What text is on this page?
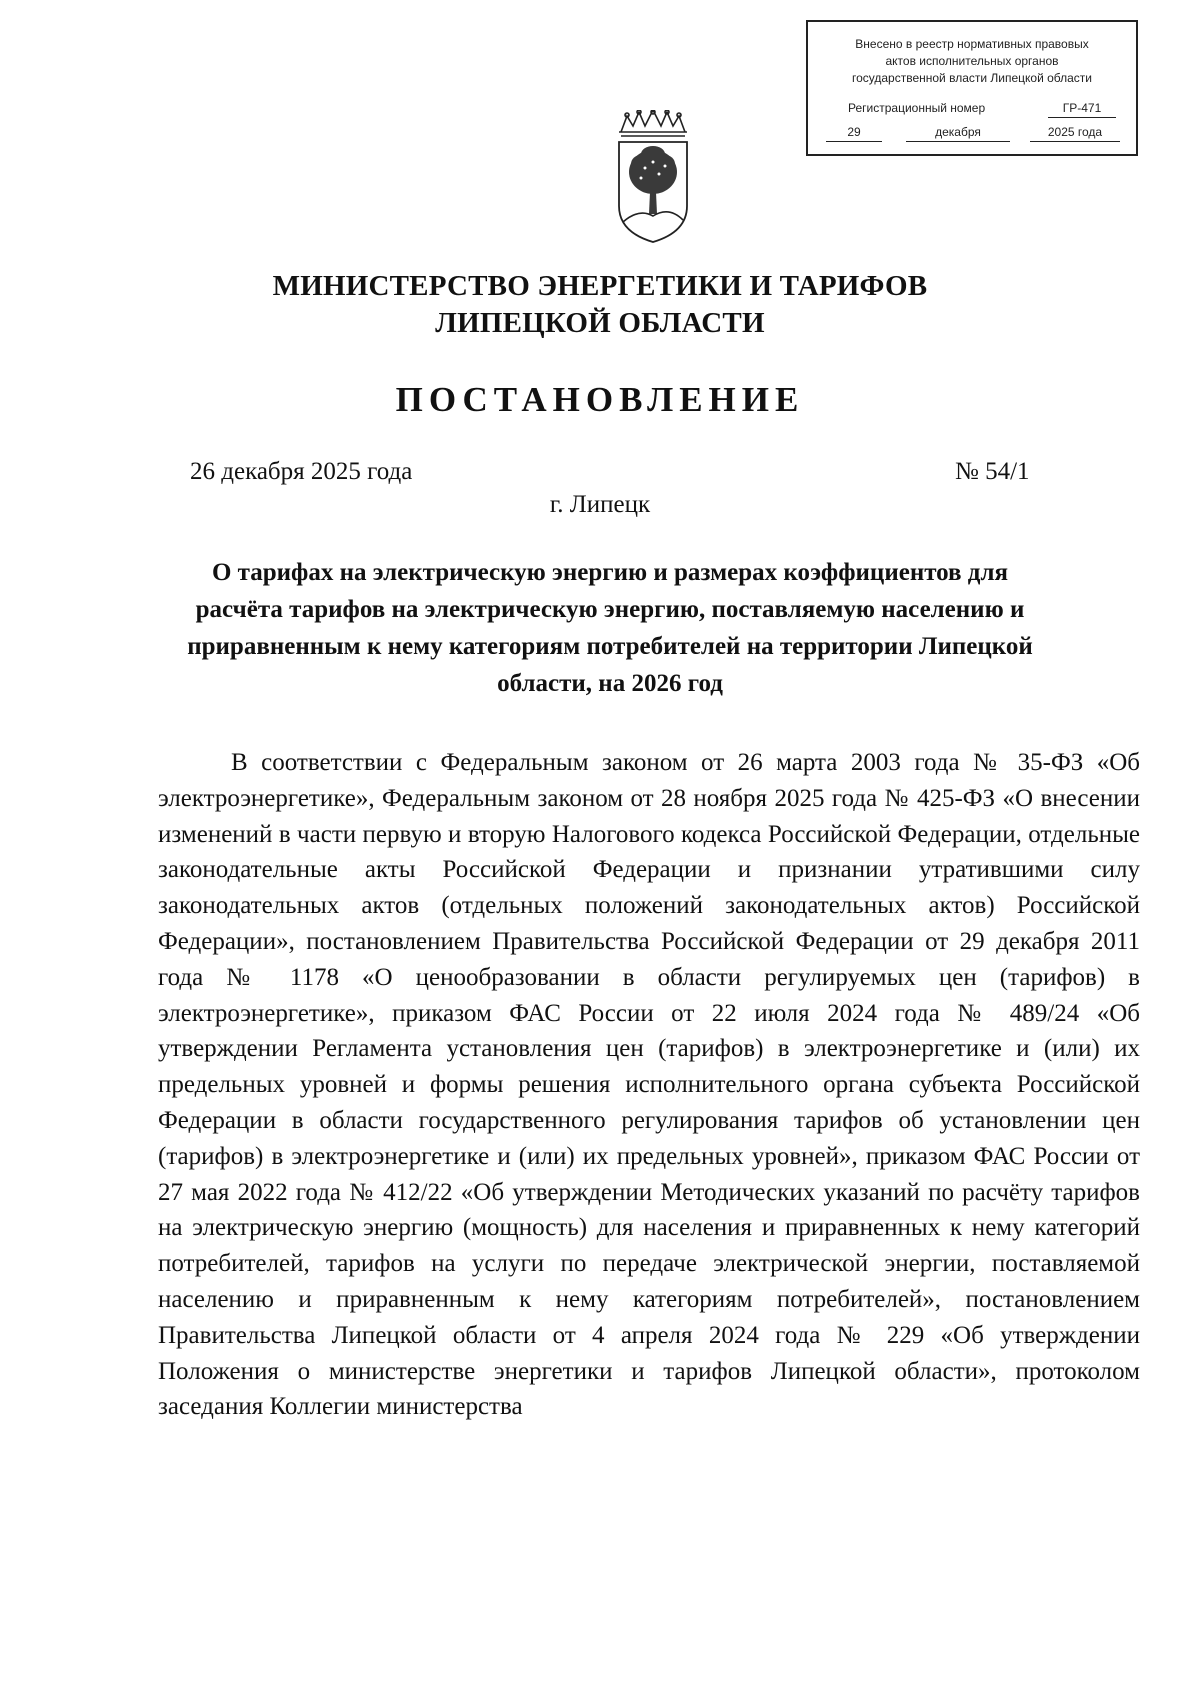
Внесено в реестр нормативных правовых
актов исполнительных органов
государственной власти Липецкой области
Регистрационный номер	ГР-471
29	декабря	2025 года
МИНИСТЕРСТВО ЭНЕРГЕТИКИ И ТАРИФОВ
ЛИПЕЦКОЙ ОБЛАСТИ
ПОСТАНОВЛЕНИЕ
26 декабря 2025 года	№ 54/1
г. Липецк
О тарифах на электрическую энергию и размерах коэффициентов для расчёта тарифов на электрическую энергию, поставляемую населению и приравненным к нему категориям потребителей на территории Липецкой области, на 2026 год

В соответствии с Федеральным законом от 26 марта 2003 года № 35-ФЗ «Об электроэнергетике», Федеральным законом от 28 ноября 2025 года № 425-ФЗ «О внесении изменений в части первую и вторую Налогового кодекса Российской Федерации, отдельные законодательные акты Российской Федерации и признании утратившими силу законодательных актов (отдельных положений законодательных актов) Российской Федерации», постановлением Правительства Российской Федерации от 29 декабря 2011 года № 1178 «О ценообразовании в области регулируемых цен (тарифов) в электроэнергетике», приказом ФАС России от 22 июля 2024 года № 489/24 «Об утверждении Регламента установления цен (тарифов) в электроэнергетике и (или) их предельных уровней и формы решения исполнительного органа субъекта Российской Федерации в области государственного регулирования тарифов об установлении цен (тарифов) в электроэнергетике и (или) их предельных уровней», приказом ФАС России от 27 мая 2022 года № 412/22 «Об утверждении Методических указаний по расчёту тарифов на электрическую энергию (мощность) для населения и приравненных к нему категорий потребителей, тарифов на услуги по передаче электрической энергии, поставляемой населению и приравненным к нему категориям потребителей», постановлением Правительства Липецкой области от 4 апреля 2024 года № 229 «Об утверждении Положения о министерстве энергетики и тарифов Липецкой области», протоколом заседания Коллегии министерства
